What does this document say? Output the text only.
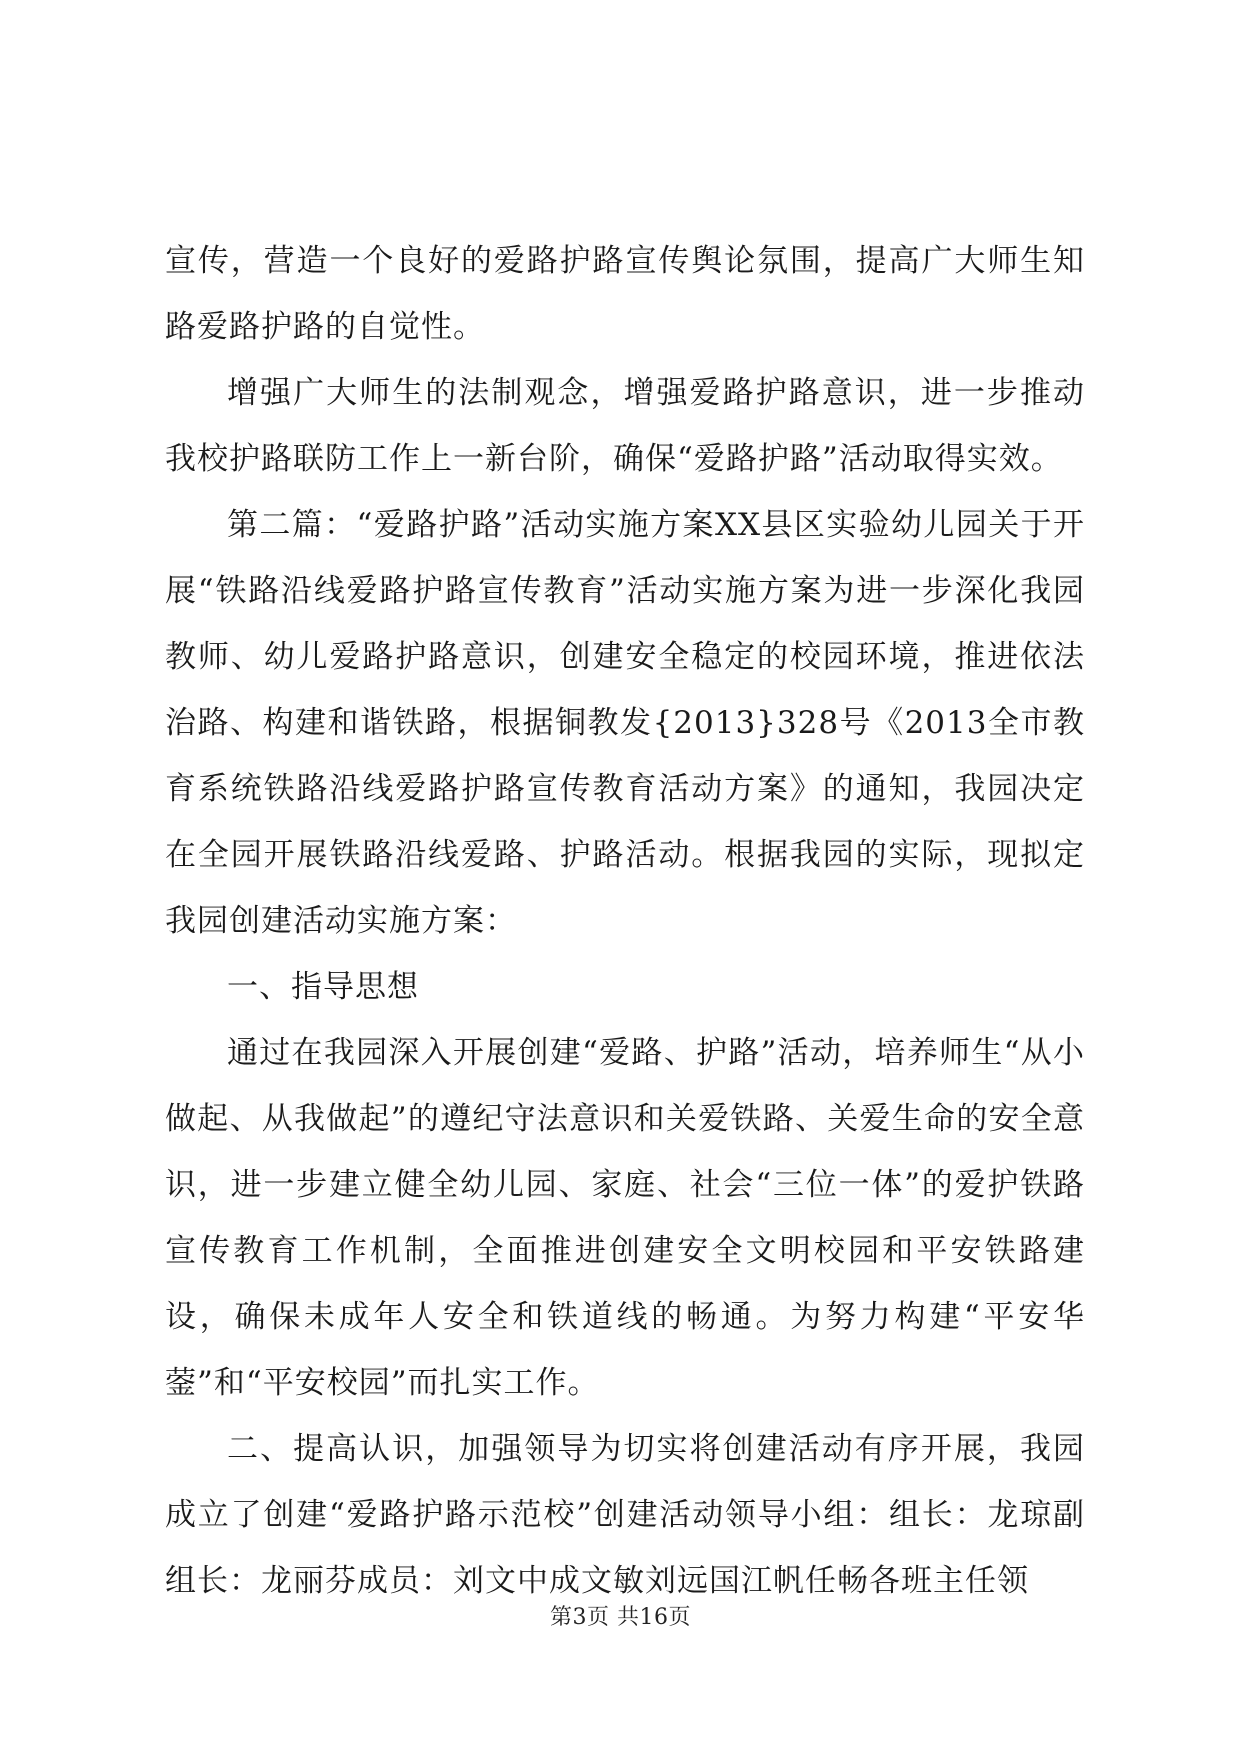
宣传，营造一个良好的爱路护路宣传舆论氛围，提高广大师生知路爱路护路的自觉性。

增强广大师生的法制观念，增强爱路护路意识，进一步推动我校护路联防工作上一新台阶，确保“爱路护路”活动取得实效。

第二篇：“爱路护路”活动实施方案XX县区实验幼儿园关于开展“铁路沿线爱路护路宣传教育”活动实施方案为进一步深化我园教师、幼儿爱路护路意识，创建安全稳定的校园环境，推进依法治路、构建和谐铁路，根据铜教发{2013}328号《2013全市教育系统铁路沿线爱路护路宣传教育活动方案》的通知，我园决定在全园开展铁路沿线爱路、护路活动。根据我园的实际，现拟定我园创建活动实施方案：

一、指导思想

通过在我园深入开展创建“爱路、护路”活动，培养师生“从小做起、从我做起”的遵纪守法意识和关爱铁路、关爱生命的安全意识，进一步建立健全幼儿园、家庭、社会“三位一体”的爱护铁路宣传教育工作机制，全面推进创建安全文明校园和平安铁路建设，确保未成年人安全和铁道线的畅通。为努力构建“平安华蓥”和“平安校园”而扎实工作。

二、提高认识，加强领导为切实将创建活动有序开展，我园成立了创建“爱路护路示范校”创建活动领导小组：组长：龙琼副组长：龙丽芬成员：刘文中成文敏刘远国江帆任畅各班主任领

第3页 共16页
